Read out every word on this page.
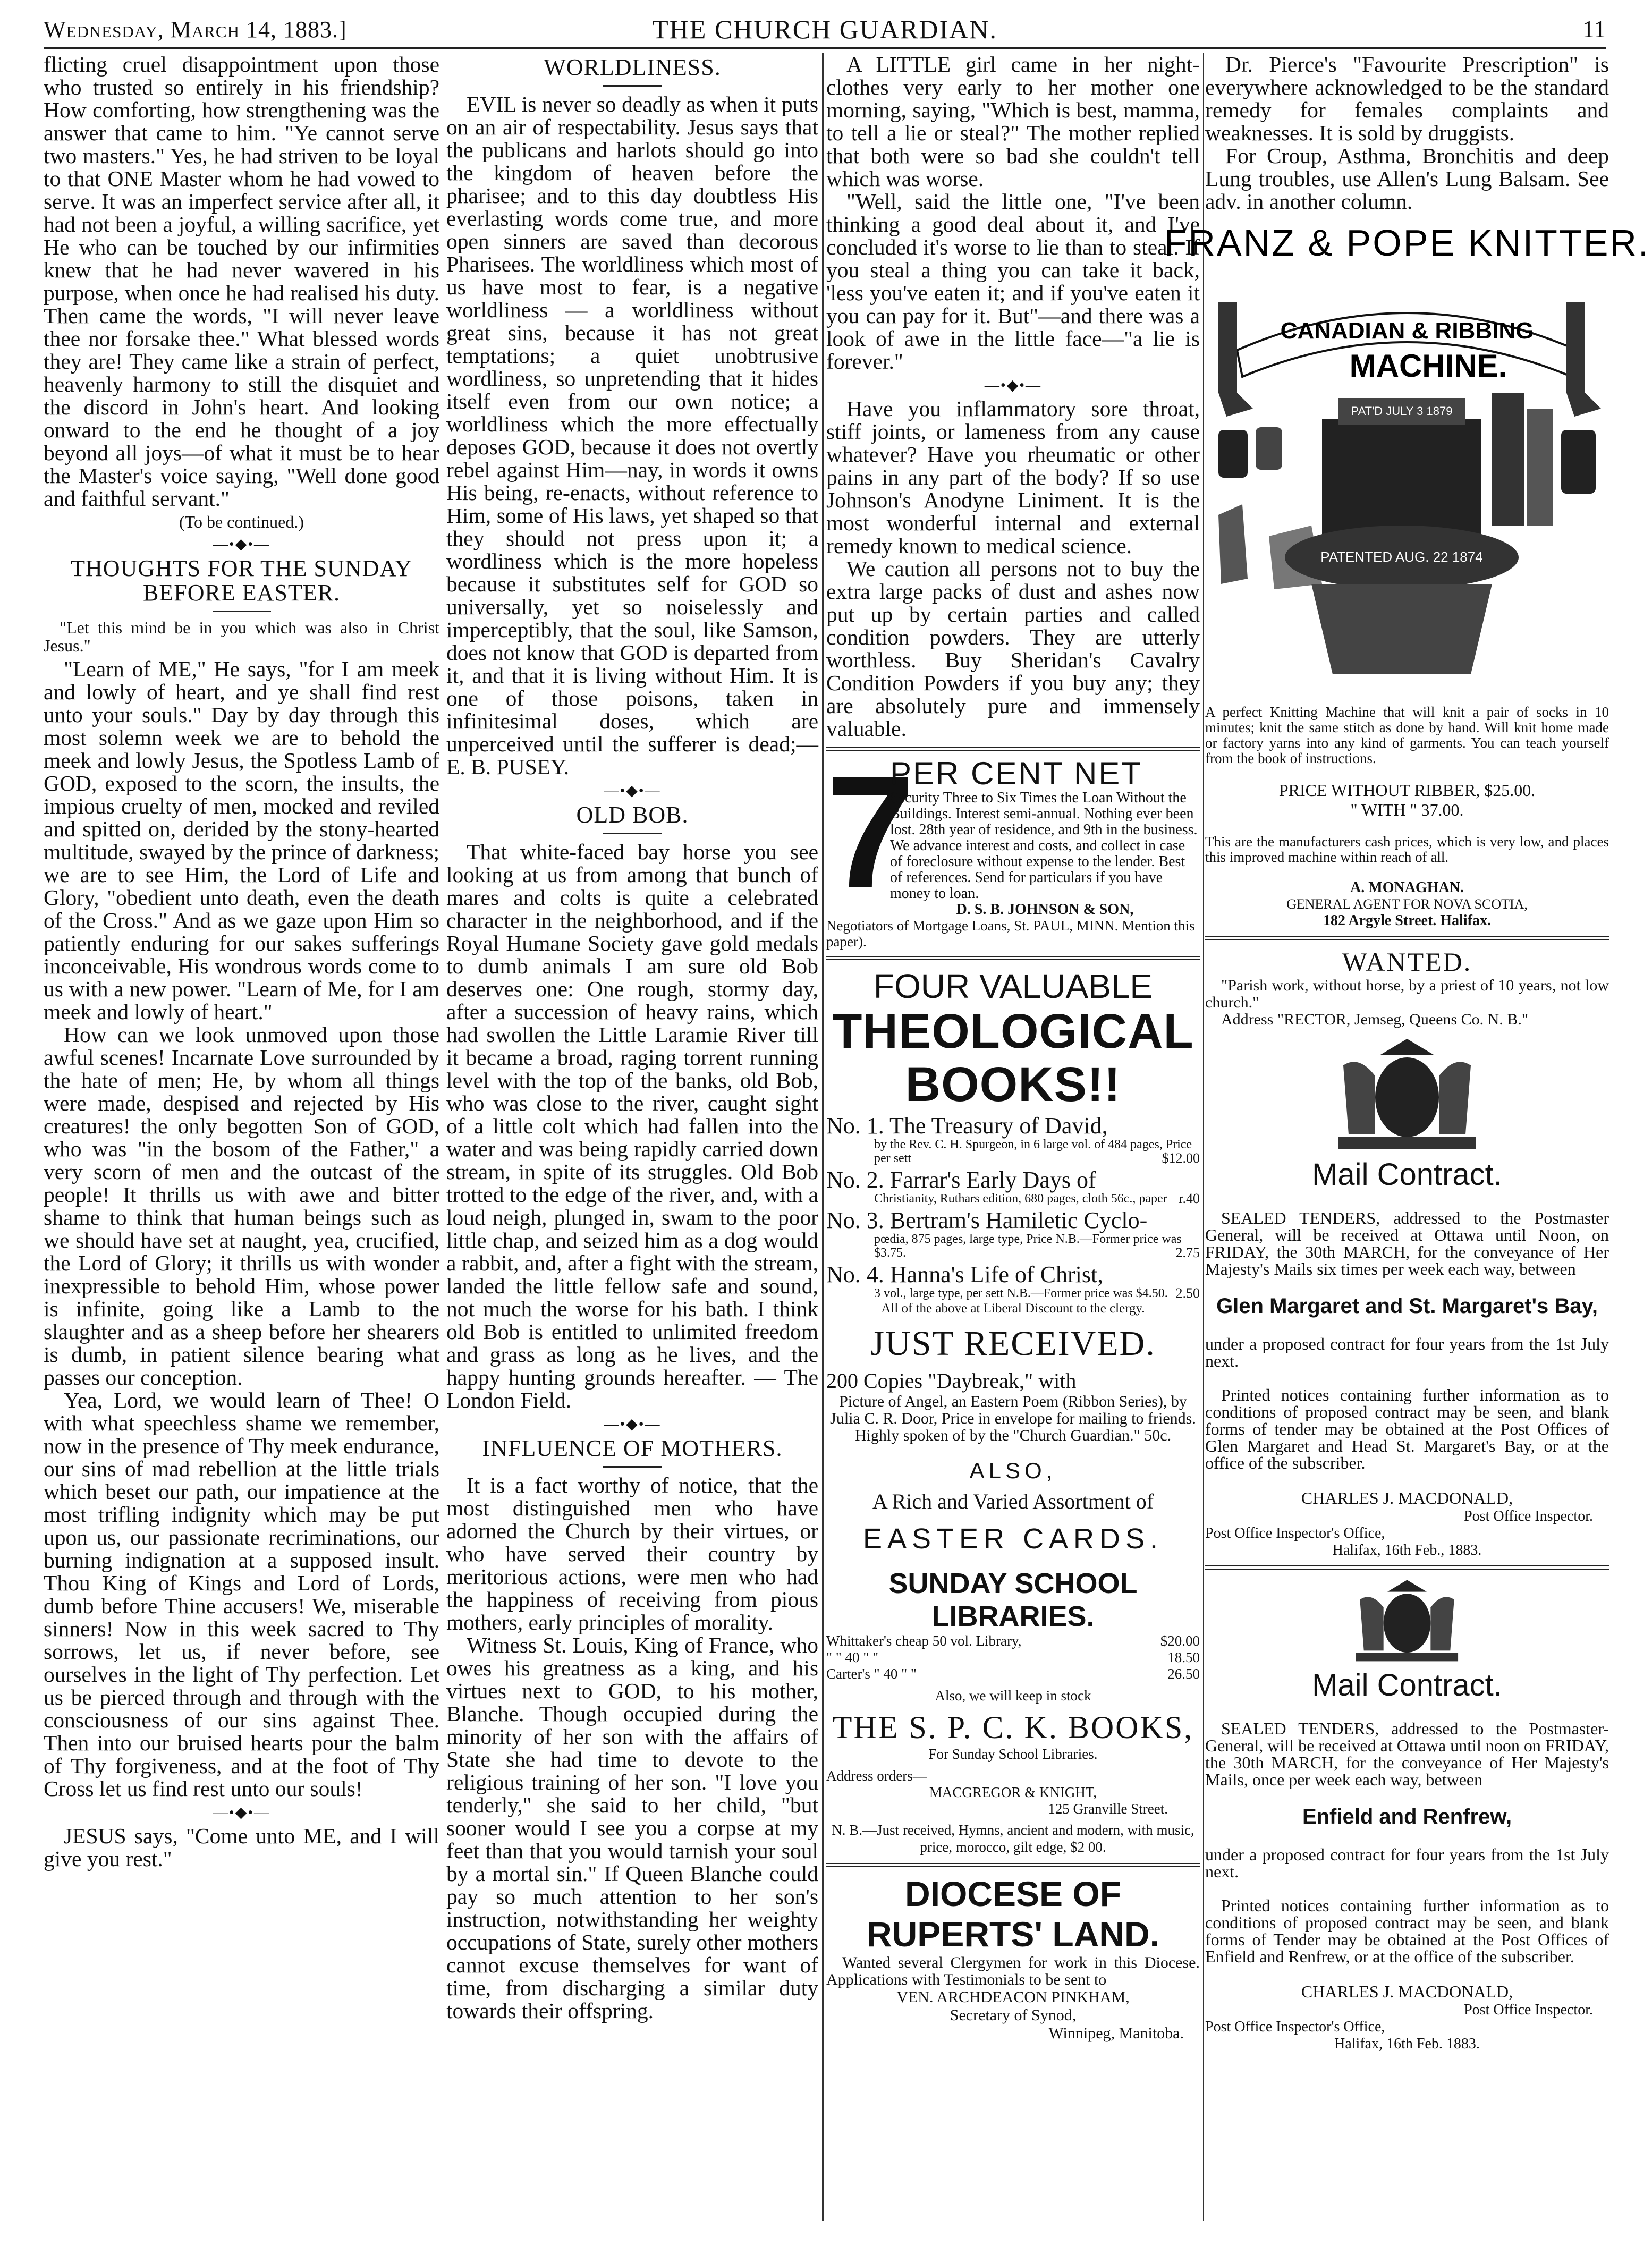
Wednesday, March 14, 1883.]	THE CHURCH GUARDIAN.	11

flicting cruel disappointment upon those who trusted so entirely in his friendship? How comforting, how strengthening was the answer that came to him. "Ye cannot serve two masters." Yes, he had striven to be loyal to that ONE Master whom he had vowed to serve. It was an imperfect service after all, it had not been a joyful, a willing sacrifice, yet He who can be touched by our infirmities knew that he had never wavered in his purpose, when once he had realised his duty. Then came the words, "I will never leave thee nor forsake thee." What blessed words they are! They came like a strain of perfect, heavenly harmony to still the disquiet and the discord in John's heart. And looking onward to the end he thought of a joy beyond all joys—of what it must be to hear the Master's voice saying, "Well done good and faithful servant."

(To be continued.)
―•◆•―
THOUGHTS FOR THE SUNDAY BEFORE EASTER.

"Let this mind be in you which was also in Christ Jesus."

"Learn of ME," He says, "for I am meek and lowly of heart, and ye shall find rest unto your souls." Day by day through this most solemn week we are to behold the meek and lowly Jesus, the Spotless Lamb of GOD, exposed to the scorn, the insults, the impious cruelty of men, mocked and reviled and spitted on, derided by the stony-hearted multitude, swayed by the prince of darkness; we are to see Him, the Lord of Life and Glory, "obedient unto death, even the death of the Cross." And as we gaze upon Him so patiently enduring for our sakes sufferings inconceivable, His wondrous words come to us with a new power. "Learn of Me, for I am meek and lowly of heart."

How can we look unmoved upon those awful scenes! Incarnate Love surrounded by the hate of men; He, by whom all things were made, despised and rejected by His creatures! the only begotten Son of GOD, who was "in the bosom of the Father," a very scorn of men and the outcast of the people! It thrills us with awe and bitter shame to think that human beings such as we should have set at naught, yea, crucified, the Lord of Glory; it thrills us with wonder inexpressible to behold Him, whose power is infinite, going like a Lamb to the slaughter and as a sheep before her shearers is dumb, in patient silence bearing what passes our conception.

Yea, Lord, we would learn of Thee! O with what speechless shame we remember, now in the presence of Thy meek endurance, our sins of mad rebellion at the little trials which beset our path, our impatience at the most trifling indignity which may be put upon us, our passionate recriminations, our burning indignation at a supposed insult. Thou King of Kings and Lord of Lords, dumb before Thine accusers! We, miserable sinners! Now in this week sacred to Thy sorrows, let us, if never before, see ourselves in the light of Thy perfection. Let us be pierced through and through with the consciousness of our sins against Thee. Then into our bruised hearts pour the balm of Thy forgiveness, and at the foot of Thy Cross let us find rest unto our souls!

―•◆•―

JESUS says, "Come unto ME, and I will give you rest."

WORLDLINESS.

EVIL is never so deadly as when it puts on an air of respectability. Jesus says that the publicans and harlots should go into the kingdom of heaven before the pharisee; and to this day doubtless His everlasting words come true, and more open sinners are saved than decorous Pharisees. The worldliness which most of us have most to fear, is a negative worldliness — a worldliness without great sins, because it has not great temptations; a quiet unobtrusive wordliness, so unpretending that it hides itself even from our own notice; a worldliness which the more effectually deposes GOD, because it does not overtly rebel against Him—nay, in words it owns His being, re-enacts, without reference to Him, some of His laws, yet shaped so that they should not press upon it; a wordliness which is the more hopeless because it substitutes self for GOD so universally, yet so noiselessly and imperceptibly, that the soul, like Samson, does not know that GOD is departed from it, and that it is living without Him. It is one of those poisons, taken in infinitesimal doses, which are unperceived until the sufferer is dead;—E. B. PUSEY.

―•◆•―
OLD BOB.

That white-faced bay horse you see looking at us from among that bunch of mares and colts is quite a celebrated character in the neighborhood, and if the Royal Humane Society gave gold medals to dumb animals I am sure old Bob deserves one: One rough, stormy day, after a succession of heavy rains, which had swollen the Little Laramie River till it became a broad, raging torrent running level with the top of the banks, old Bob, who was close to the river, caught sight of a little colt which had fallen into the water and was being rapidly carried down stream, in spite of its struggles. Old Bob trotted to the edge of the river, and, with a loud neigh, plunged in, swam to the poor little chap, and seized him as a dog would a rabbit, and, after a fight with the stream, landed the little fellow safe and sound, not much the worse for his bath. I think old Bob is entitled to unlimited freedom and grass as long as he lives, and the happy hunting grounds hereafter. — The London Field.

―•◆•―
INFLUENCE OF MOTHERS.

It is a fact worthy of notice, that the most distinguished men who have adorned the Church by their virtues, or who have served their country by meritorious actions, were men who had the happiness of receiving from pious mothers, early principles of morality.

Witness St. Louis, King of France, who owes his greatness as a king, and his virtues next to GOD, to his mother, Blanche. Though occupied during the minority of her son with the affairs of State she had time to devote to the religious training of her son. "I love you tenderly," she said to her child, "but sooner would I see you a corpse at my feet than that you would tarnish your soul by a mortal sin." If Queen Blanche could pay so much attention to her son's instruction, notwithstanding her weighty occupations of State, surely other mothers cannot excuse themselves for want of time, from discharging a similar duty towards their offspring.

A LITTLE girl came in her night-clothes very early to her mother one morning, saying, "Which is best, mamma, to tell a lie or steal?" The mother replied that both were so bad she couldn't tell which was worse.

"Well, said the little one, "I've been thinking a good deal about it, and I've concluded it's worse to lie than to steal. If you steal a thing you can take it back, 'less you've eaten it; and if you've eaten it you can pay for it. But"—and there was a look of awe in the little face—"a lie is forever."

―•◆•―

Have you inflammatory sore throat, stiff joints, or lameness from any cause whatever? Have you rheumatic or other pains in any part of the body? If so use Johnson's Anodyne Liniment. It is the most wonderful internal and external remedy known to medical science.

We caution all persons not to buy the extra large packs of dust and ashes now put up by certain parties and called condition powders. They are utterly worthless. Buy Sheridan's Cavalry Condition Powders if you buy any; they are absolutely pure and immensely valuable.

7
PER CENT NET
Security Three to Six Times the Loan Without the Buildings. Interest semi-annual. Nothing ever been lost. 28th year of residence, and 9th in the business. We advance interest and costs, and collect in case of foreclosure without expense to the lender. Best of references. Send for particulars if you have money to loan.
D. S. B. JOHNSON & SON,
Negotiators of Mortgage Loans, St. PAUL, MINN. Mention this paper).
FOUR VALUABLE
THEOLOGICAL BOOKS!!
No. 1. The Treasury of David,
by the Rev. C. H. Spurgeon, in 6 large vol. of 484 pages, Price per sett	$12.00
No. 2. Farrar's Early Days of
Christianity, Ruthars edition, 680 pages, cloth 56c., paper r.40
No. 3. Bertram's Hamiletic Cyclo-
pœdia, 875 pages, large type, Price N.B.—Former price was $3.75.	2.75
No. 4. Hanna's Life of Christ,
3 vol., large type, per sett N.B.—Former price was $4.50. 2.50
All of the above at Liberal Discount to the clergy.
JUST RECEIVED.
200 Copies "Daybreak," with
Picture of Angel, an Eastern Poem (Ribbon Series), by Julia C. R. Door, Price in envelope for mailing to friends. Highly spoken of by the "Church Guardian." 50c.
ALSO,
A Rich and Varied Assortment of
EASTER CARDS.
SUNDAY SCHOOL LIBRARIES.
Whittaker's cheap 50 vol. Library,	$20.00
" " 40 " "	18.50
Carter's " 40 " "	26.50
Also, we will keep in stock
THE S. P. C. K. BOOKS,
For Sunday School Libraries.
Address orders—
MACGREGOR & KNIGHT,
125 Granville Street.
N. B.—Just received, Hymns, ancient and modern, with music, price, morocco, gilt edge, $2 00.
DIOCESE OF RUPERTS' LAND.

Wanted several Clergymen for work in this Diocese. Applications with Testimonials to be sent to

VEN. ARCHDEACON PINKHAM,
Secretary of Synod,
Winnipeg, Manitoba.

Dr. Pierce's "Favourite Prescription" is everywhere acknowledged to be the standard remedy for females complaints and weaknesses. It is sold by druggists.

For Croup, Asthma, Bronchitis and deep Lung troubles, use Allen's Lung Balsam. See adv. in another column.

FRANZ & POPE KNITTER.
CANADIAN & RIBBING
MACHINE.
PAT'D JULY 3 1879
PATENTED AUG. 22 1874

A perfect Knitting Machine that will knit a pair of socks in 10 minutes; knit the same stitch as done by hand. Will knit home made or factory yarns into any kind of garments. You can teach yourself from the book of instructions.

PRICE WITHOUT RIBBER, $25.00.
" WITH " 37.00.

This are the manufacturers cash prices, which is very low, and places this improved machine within reach of all.

A. MONAGHAN.
GENERAL AGENT FOR NOVA SCOTIA,
182 Argyle Street. Halifax.
WANTED.

"Parish work, without horse, by a priest of 10 years, not low church."

Address "RECTOR, Jemseg, Queens Co. N. B."

Mail Contract.

SEALED TENDERS, addressed to the Postmaster General, will be received at Ottawa until Noon, on FRIDAY, the 30th MARCH, for the conveyance of Her Majesty's Mails six times per week each way, between

Glen Margaret and St. Margaret's Bay,

under a proposed contract for four years from the 1st July next.

Printed notices containing further information as to conditions of proposed contract may be seen, and blank forms of tender may be obtained at the Post Offices of Glen Margaret and Head St. Margaret's Bay, or at the office of the subscriber.

CHARLES J. MACDONALD,
Post Office Inspector.
Post Office Inspector's Office,
Halifax, 16th Feb., 1883.
Mail Contract.

SEALED TENDERS, addressed to the Postmaster-General, will be received at Ottawa until noon on FRIDAY, the 30th MARCH, for the conveyance of Her Majesty's Mails, once per week each way, between

Enfield and Renfrew,

under a proposed contract for four years from the 1st July next.

Printed notices containing further information as to conditions of proposed contract may be seen, and blank forms of Tender may be obtained at the Post Offices of Enfield and Renfrew, or at the office of the subscriber.

CHARLES J. MACDONALD,
Post Office Inspector.
Post Office Inspector's Office,
Halifax, 16th Feb. 1883.
